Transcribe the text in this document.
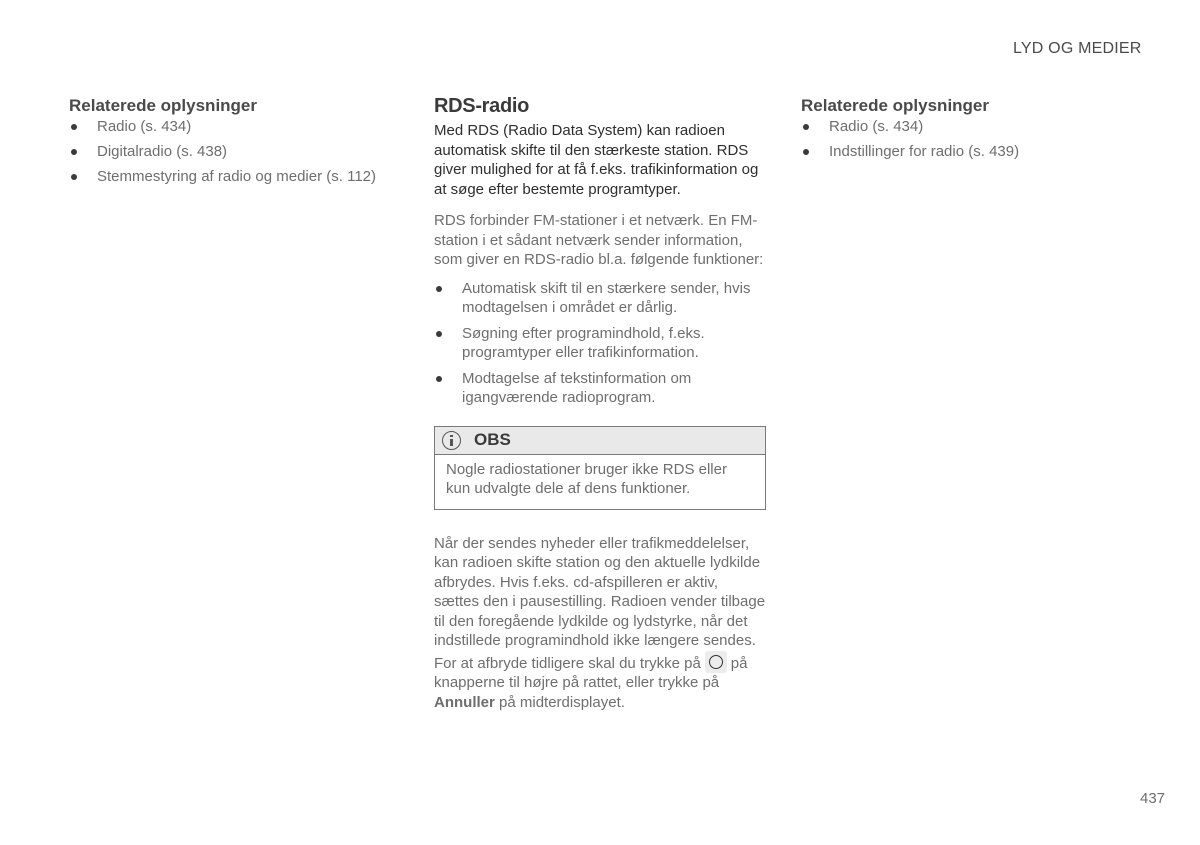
LYD OG MEDIER
Relaterede oplysninger
Radio (s. 434)
Digitalradio (s. 438)
Stemmestyring af radio og medier (s. 112)
RDS-radio

Med RDS (Radio Data System) kan radioen automatisk skifte til den stærkeste station. RDS giver mulighed for at få f.eks. trafikinformation og at søge efter bestemte programtyper.

RDS forbinder FM-stationer i et netværk. En FM-station i et sådant netværk sender information, som giver en RDS-radio bl.a. følgende funktioner:

Automatisk skift til en stærkere sender, hvis modtagelsen i området er dårlig.
Søgning efter programindhold, f.eks. programtyper eller trafikinformation.
Modtagelse af tekstinformation om igangværende radioprogram.
OBS
Nogle radiostationer bruger ikke RDS eller kun udvalgte dele af dens funktioner.

Når der sendes nyheder eller trafikmeddelelser, kan radioen skifte station og den aktuelle lydkilde afbrydes. Hvis f.eks. cd-afspilleren er aktiv, sættes den i pausestilling. Radioen vender tilbage til den foregående lydkilde og lydstyrke, når det indstillede programindhold ikke længere sendes. For at afbryde tidligere skal du trykke på på knapperne til højre på rattet, eller trykke på Annuller på midterdisplayet.

Relaterede oplysninger
Radio (s. 434)
Indstillinger for radio (s. 439)
437
